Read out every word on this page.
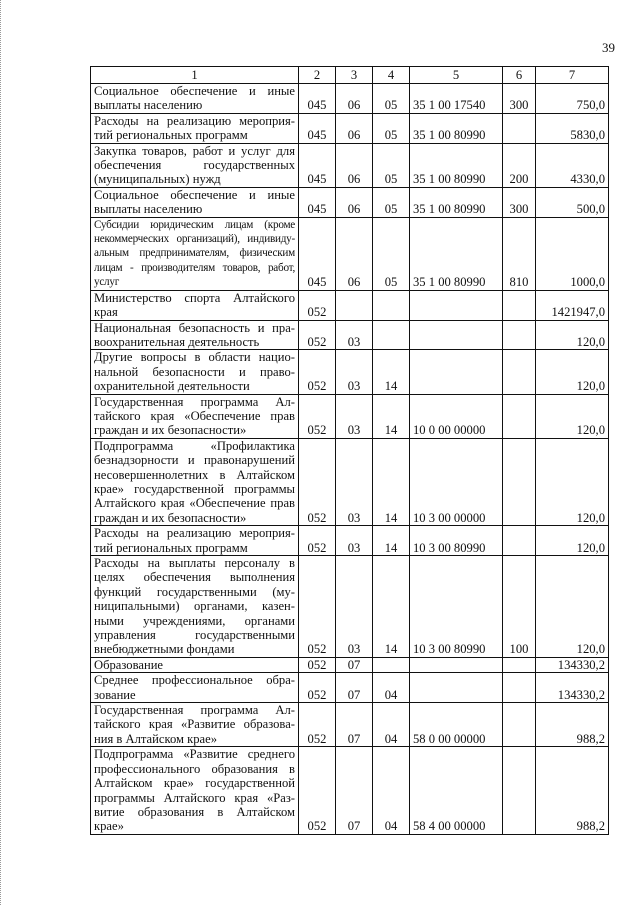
39
1	2	3	4	5	6	7
Социальное обеспечение и иные выплаты населению	045	06	05	35 1 00 17540	300	750,0
Расходы на реализацию мероприя-тий региональных программ	045	06	05	35 1 00 80990		5830,0
Закупка товаров, работ и услуг для обеспечения государственных (муниципальных) нужд	045	06	05	35 1 00 80990	200	4330,0
Социальное обеспечение и иные выплаты населению	045	06	05	35 1 00 80990	300	500,0
Субсидии юридическим лицам (кроме некоммерческих организаций), индивиду-альным предпринимателям, физическим лицам - производителям товаров, работ, услуг	045	06	05	35 1 00 80990	810	1000,0
Министерство спорта Алтайского края	052					1421947,0
Национальная безопасность и пра-воохранительная деятельность	052	03				120,0
Другие вопросы в области нацио-нальной безопасности и право-охранительной деятельности	052	03	14			120,0
Государственная программа Ал-тайского края «Обеспечение прав граждан и их безопасности»	052	03	14	10 0 00 00000		120,0
Подпрограмма «Профилактика безнадзорности и правонарушений несовершеннолетних в Алтайском крае» государственной программы Алтайского края «Обеспечение прав граждан и их безопасности»	052	03	14	10 3 00 00000		120,0
Расходы на реализацию мероприя-тий региональных программ	052	03	14	10 3 00 80990		120,0
Расходы на выплаты персоналу в целях обеспечения выполнения функций государственными (му-ниципальными) органами, казен-ными учреждениями, органами управления государственными внебюджетными фондами	052	03	14	10 3 00 80990	100	120,0
Образование	052	07				134330,2
Среднее профессиональное обра-зование	052	07	04			134330,2
Государственная программа Ал-тайского края «Развитие образова-ния в Алтайском крае»	052	07	04	58 0 00 00000		988,2
Подпрограмма «Развитие среднего профессионального образования в Алтайском крае» государственной программы Алтайского края «Раз-витие образования в Алтайском крае»	052	07	04	58 4 00 00000		988,2
